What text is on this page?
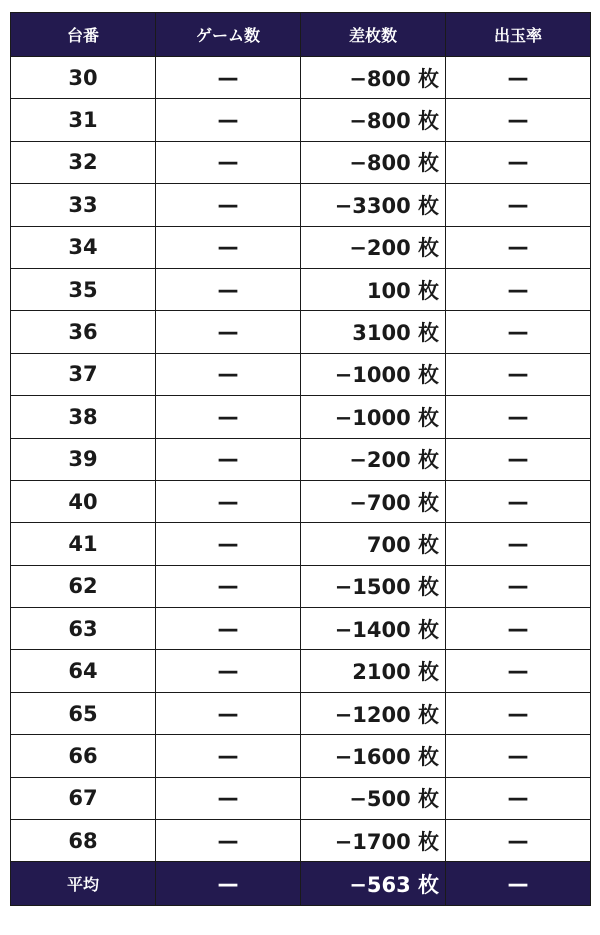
台番	ゲーム数	差枚数	出玉率
30	—	−800 枚	—
31	—	−800 枚	—
32	—	−800 枚	—
33	—	−3300 枚	—
34	—	−200 枚	—
35	—	100 枚	—
36	—	3100 枚	—
37	—	−1000 枚	—
38	—	−1000 枚	—
39	—	−200 枚	—
40	—	−700 枚	—
41	—	700 枚	—
62	—	−1500 枚	—
63	—	−1400 枚	—
64	—	2100 枚	—
65	—	−1200 枚	—
66	—	−1600 枚	—
67	—	−500 枚	—
68	—	−1700 枚	—
平均	—	−563 枚	—
